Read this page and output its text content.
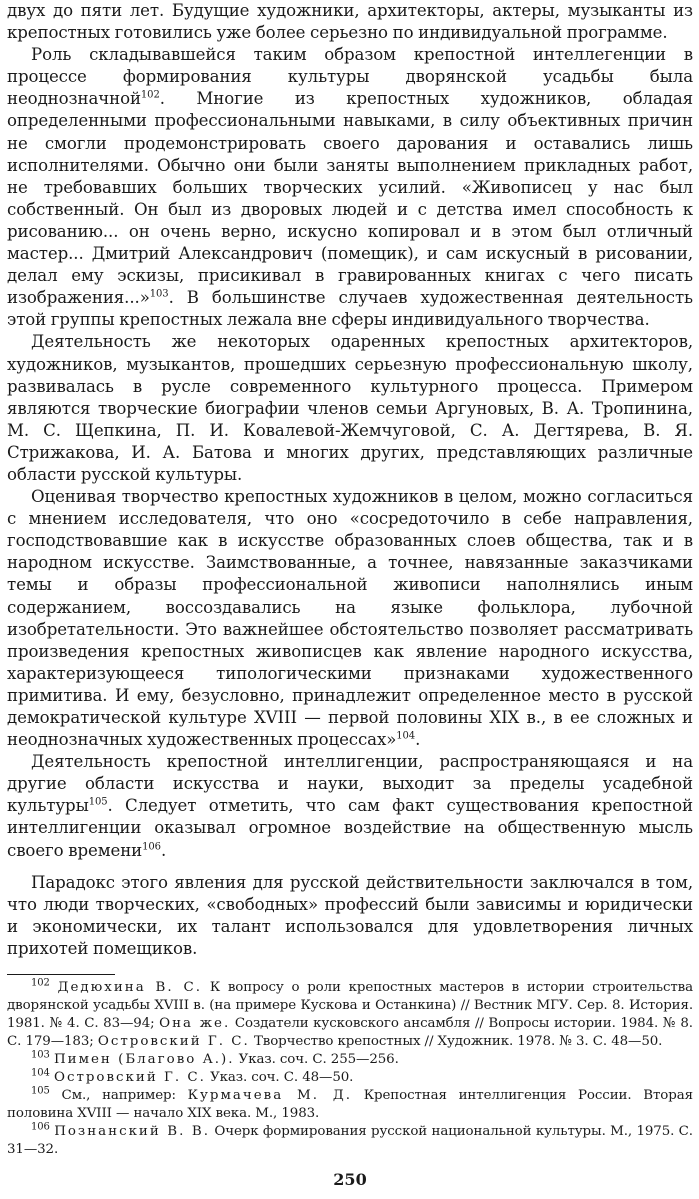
двух до пяти лет. Будущие художники, архитекторы, актеры, музыканты из крепостных готовились уже более серьезно по индивидуальной программе.

Роль складывавшейся таким образом крепостной интеллегенции в процессе формирования культуры дворянской усадьбы была неоднозначной$^{102}$. Многие из крепостных художников, обладая определенными профессиональными навыками, в силу объективных причин не смогли продемонстрировать своего дарования и оставались лишь исполнителями. Обычно они были заняты выполнением прикладных работ, не требовавших больших творческих усилий. «Живописец у нас был собственный. Он был из дворовых людей и с детства имел способность к рисованию... он очень верно, искусно копировал и в этом был отличный мастер... Дмитрий Александрович (помещик), и сам искусный в рисовании, делал ему эскизы, присикивал в гравированных книгах с чего писать изображения...»$^{103}$. В большинстве случаев художественная деятельность этой группы крепостных лежала вне сферы индивидуального творчества.

Деятельность же некоторых одаренных крепостных архитекторов, художников, музыкантов, прошедших серьезную профессиональную школу, развивалась в русле современного культурного процесса. Примером являются творческие биографии членов семьи Аргуновых, В. А. Тропинина, М. С. Щепкина, П. И. Ковалевой-Жемчуговой, С. А. Дегтярева, В. Я. Стрижакова, И. А. Батова и многих других, представляющих различные области русской культуры.

Оценивая творчество крепостных художников в целом, можно согласиться с мнением исследователя, что оно «сосредоточило в себе направления, господствовавшие как в искусстве образованных слоев общества, так и в народном искусстве. Заимствованные, а точнее, навязанные заказчиками темы и образы профессиональной живописи наполнялись иным содержанием, воссоздавались на языке фольклора, лубочной изобретательности. Это важнейшее обстоятельство позволяет рассматривать произведения крепостных живописцев как явление народного искусства, характеризующееся типологическими признаками художественного примитива. И ему, безусловно, принадлежит определенное место в русской демократической культуре XVIII — первой половины XIX в., в ее сложных и неоднозначных художественных процессах»$^{104}$.

Деятельность крепостной интеллигенции, распространяющаяся и на другие области искусства и науки, выходит за пределы усадебной культуры$^{105}$. Следует отметить, что сам факт существования крепостной интеллигенции оказывал огромное воздействие на общественную мысль своего времени$^{106}$.

Парадокс этого явления для русской действительности заключался в том, что люди творческих, «свободных» профессий были зависимы и юридически и экономически, их талант использовался для удовлетворения личных прихотей помещиков.

$^{102}$ Дедюхина В. С. К вопросу о роли крепостных мастеров в истории строительства дворянской усадьбы XVIII в. (на примере Кускова и Останкина) // Вестник МГУ. Сер. 8. История. 1981. № 4. С. 83—94; Она же. Создатели кусковского ансамбля // Вопросы истории. 1984. № 8. С. 179—183; Островский Г. С. Творчество крепостных // Художник. 1978. № 3. С. 48—50.

$^{103}$ Пимен (Благово А.). Указ. соч. С. 255—256.

$^{104}$ Островский Г. С. Указ. соч. С. 48—50.

$^{105}$ См., например: Курмачева М. Д. Крепостная интеллигенция России. Вторая половина XVIII — начало XIX века. М., 1983.

$^{106}$ Познанский В. В. Очерк формирования русской национальной культуры. М., 1975. С. 31—32.

250
